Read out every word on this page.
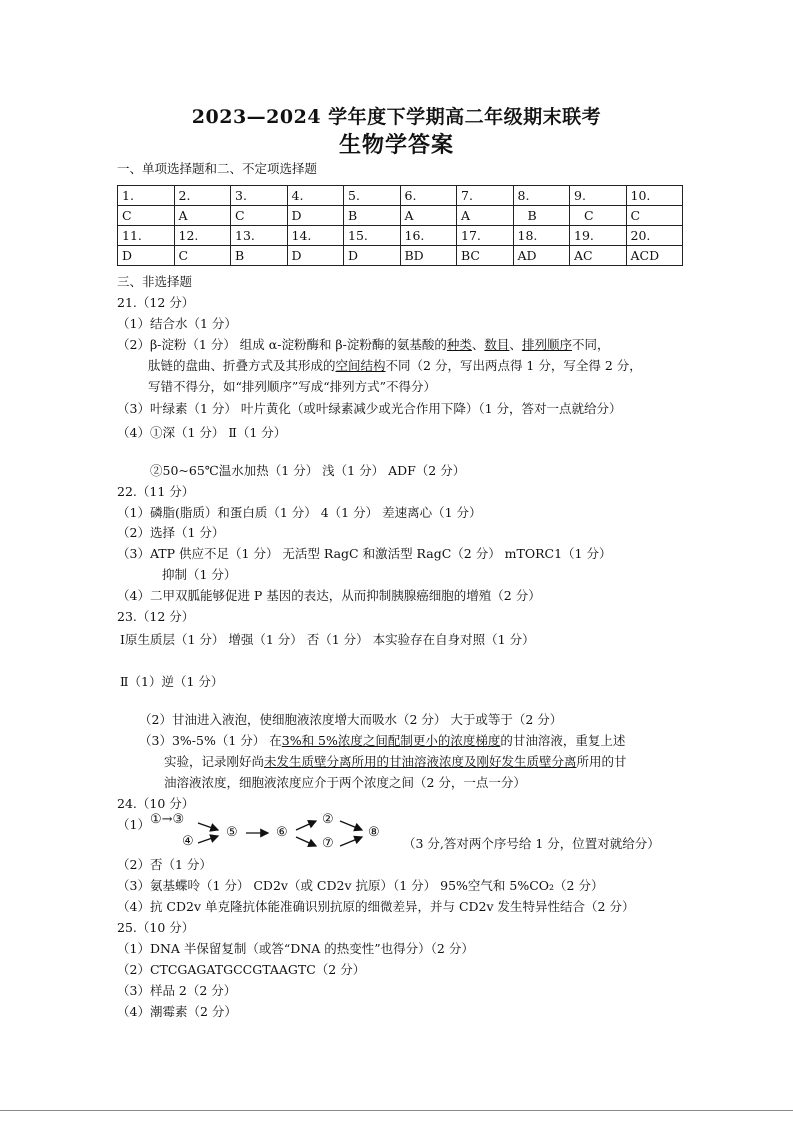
2023—2024 学年度下学期高二年级期末联考
生物学答案
一、单项选择题和二、不定项选择题
1.	2.	3.	4.	5.	6.	7.	8.	9.	10.
C	A	C	D	B	A	A	B	C	C
11.	12.	13.	14.	15.	16.	17.	18.	19.	20.
D	C	B	D	D	BD	BC	AD	AC	ACD
三、非选择题
21.（12 分）
（1）结合水（1 分）
（2）β-淀粉（1 分） 组成 α-淀粉酶和 β-淀粉酶的氨基酸的种类、数目、排列顺序不同，
肽链的盘曲、折叠方式及其形成的空间结构不同（2 分，写出两点得 1 分，写全得 2 分，
写错不得分，如“排列顺序”写成“排列方式”不得分）
（3）叶绿素（1 分） 叶片黄化（或叶绿素减少或光合作用下降）（1 分，答对一点就给分）
（4）①深（1 分） Ⅱ（1 分）
②50~65℃温水加热（1 分） 浅（1 分） ADF（2 分）
22.（11 分）
（1）磷脂(脂质）和蛋白质（1 分） 4（1 分） 差速离心（1 分）
（2）选择（1 分）
（3）ATP 供应不足（1 分） 无活型 RagC 和激活型 RagC（2 分） mTORC1（1 分）
抑制（1 分）
（4）二甲双胍能够促进 P 基因的表达，从而抑制胰腺癌细胞的增殖（2 分）
23.（12 分）
Ⅰ原生质层（1 分） 增强（1 分） 否（1 分） 本实验存在自身对照（1 分）
Ⅱ（1）逆（1 分）
（2）甘油进入液泡，使细胞液浓度增大而吸水（2 分） 大于或等于（2 分）
（3）3%-5%（1 分） 在3%和 5%浓度之间配制更小的浓度梯度的甘油溶液，重复上述
实验，记录刚好尚未发生质壁分离所用的甘油溶液浓度及刚好发生质壁分离所用的甘
油溶液浓度，细胞液浓度应介于两个浓度之间（2 分，一点一分）
24.（10 分）
（1） ①→③
④
⑤	⑥
②
⑦
⑧
（3 分,答对两个序号给 1 分，位置对就给分）
（2）否（1 分）
（3）氨基蝶呤（1 分） CD2v（或 CD2v 抗原）（1 分） 95%空气和 5%CO₂（2 分）
（4）抗 CD2v 单克隆抗体能准确识别抗原的细微差异，并与 CD2v 发生特异性结合（2 分）
25.（10 分）
（1）DNA 半保留复制（或答“DNA 的热变性”也得分）（2 分）
（2）CTCGAGATGCCGTAAGTC（2 分）
（3）样品 2（2 分）
（4）潮霉素（2 分）
